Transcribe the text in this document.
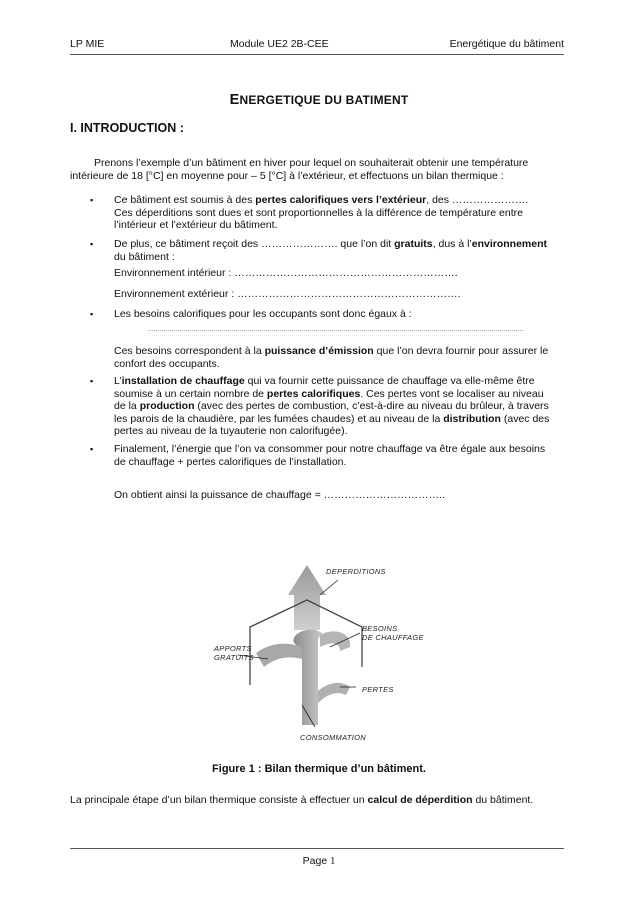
LP MIE	Module UE2 2B-CEE	Energétique du bâtiment
ENERGETIQUE DU BATIMENT
I. INTRODUCTION :
Prenons l’exemple d’un bâtiment en hiver pour lequel on souhaiterait obtenir une température
intérieure de 18 [°C] en moyenne pour – 5 [°C] à l’extérieur, et effectuons un bilan thermique :
▪ Ce bâtiment est soumis à des pertes calorifiques vers l’extérieur, des ………………….
Ces déperditions sont dues et sont proportionnelles à la différence de température entre
l’intérieur et l’extérieur du bâtiment.
▪ De plus, ce bâtiment reçoit des …………………. que l’on dit gratuits, dus à l’environnement
du bâtiment :
Environnement intérieur : ……………………………………………………….
Environnement extérieur : ……………………………………………………….
▪ Les besoins calorifiques pour les occupants sont donc égaux à :
Ces besoins correspondent à la puissance d’émission que l’on devra fournir pour assurer le
confort des occupants.
▪ L’installation de chauffage qui va fournir cette puissance de chauffage va elle-même être
soumise à un certain nombre de pertes calorifiques. Ces pertes vont se localiser au niveau
de la production (avec des pertes de combustion, c’est-à-dire au niveau du brûleur, à travers
les parois de la chaudière, par les fumées chaudes) et au niveau de la distribution (avec des
pertes au niveau de la tuyauterie non calorifugée).
▪ Finalement, l’énergie que l’on va consommer pour notre chauffage va être égale aux besoins
de chauffage + pertes calorifiques de l’installation.
On obtient ainsi la puissance de chauffage = ……………………………..
DEPERDITIONS
BESOINS
DE CHAUFFAGE
APPORTS
GRATUITS
PERTES
CONSOMMATION
Figure 1 : Bilan thermique d’un bâtiment.
La principale étape d’un bilan thermique consiste à effectuer un calcul de déperdition du bâtiment.
Page 1
